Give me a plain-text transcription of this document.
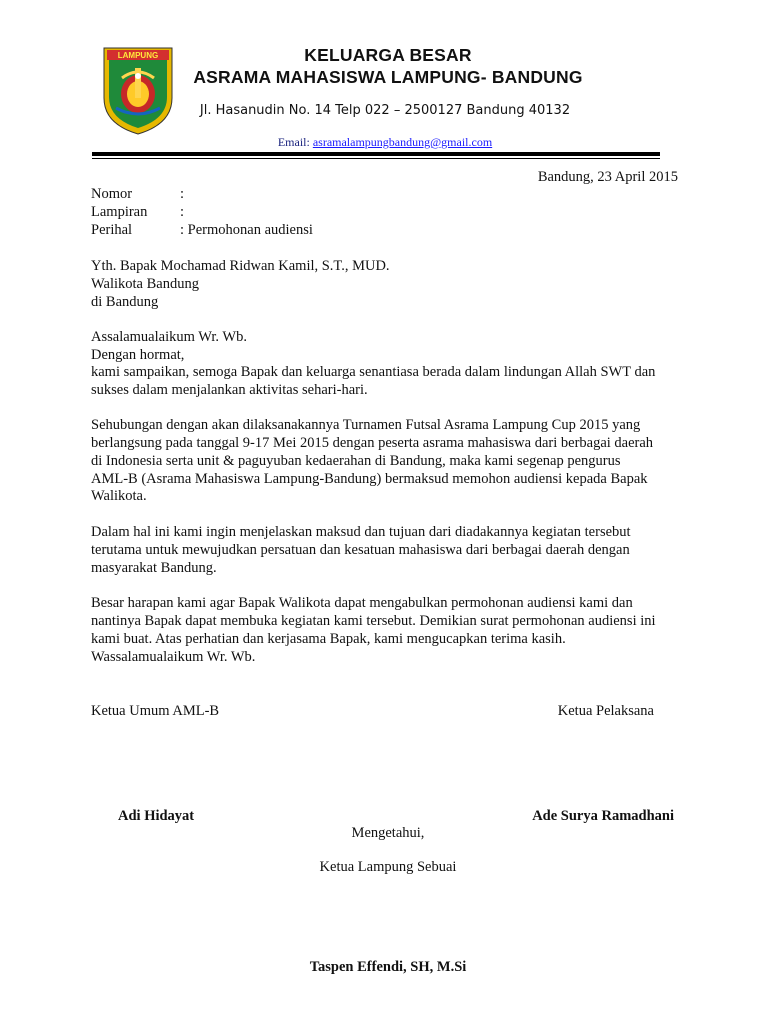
LAMPUNG	KELUARGA BESAR
ASRAMA MAHASISWA LAMPUNG- BANDUNG
Jl. Hasanudin No. 14 Telp 022 – 2500127 Bandung 40132
Email: asramalampungbandung@gmail.com
Bandung, 23 April 2015
Nomor	:
Lampiran :
Perihal	: Permohonan audiensi
Yth. Bapak Mochamad Ridwan Kamil, S.T., MUD.
Walikota Bandung
di Bandung
Assalamualaikum Wr. Wb.
Dengan hormat,
kami sampaikan, semoga Bapak dan keluarga senantiasa berada dalam lindungan Allah SWT dan
sukses dalam menjalankan aktivitas sehari-hari.
Sehubungan dengan akan dilaksanakannya Turnamen Futsal Asrama Lampung Cup 2015 yang
berlangsung pada tanggal 9-17 Mei 2015 dengan peserta asrama mahasiswa dari berbagai daerah
di Indonesia serta unit & paguyuban kedaerahan di Bandung, maka kami segenap pengurus
AML-B (Asrama Mahasiswa Lampung-Bandung) bermaksud memohon audiensi kepada Bapak
Walikota.
Dalam hal ini kami ingin menjelaskan maksud dan tujuan dari diadakannya kegiatan tersebut
terutama untuk mewujudkan persatuan dan kesatuan mahasiswa dari berbagai daerah dengan
masyarakat Bandung.
Besar harapan kami agar Bapak Walikota dapat mengabulkan permohonan audiensi kami dan
nantinya Bapak dapat membuka kegiatan kami tersebut. Demikian surat permohonan audiensi ini
kami buat. Atas perhatian dan kerjasama Bapak, kami mengucapkan terima kasih.
Wassalamualaikum Wr. Wb.
Ketua Umum AML-B	Ketua Pelaksana
Adi Hidayat	Ade Surya Ramadhani
Mengetahui,
Ketua Lampung Sebuai
Taspen Effendi, SH, M.Si
